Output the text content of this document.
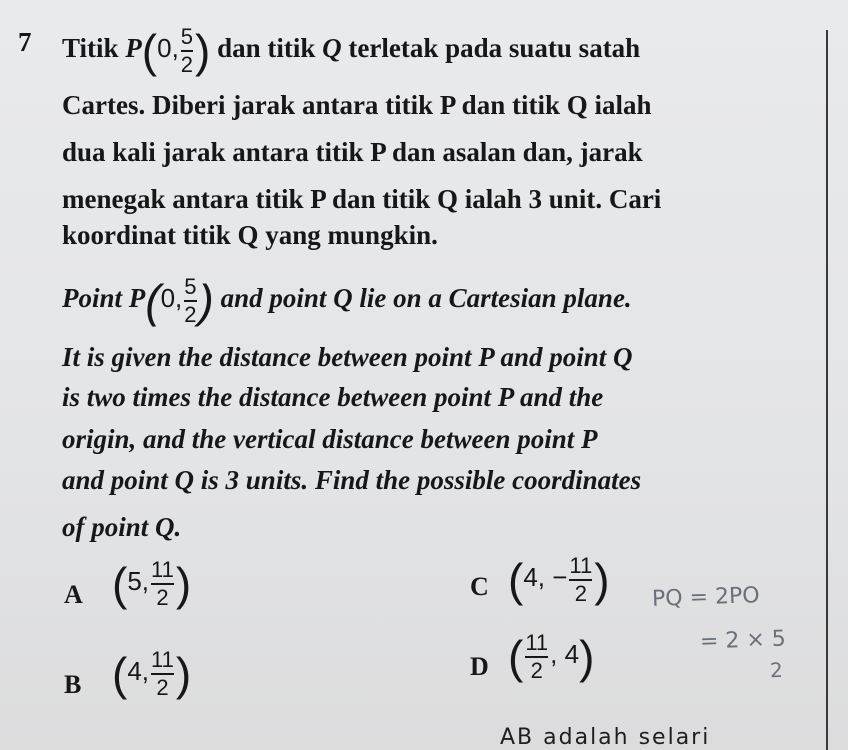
7 Titik P(0, $\frac{5}{2}$ ) dan titik Q terletak pada suatu satah
Cartes. Diberi jarak antara titik P dan titik Q ialah
dua kali jarak antara titik P dan asalan dan, jarak
menegak antara titik P dan titik Q ialah 3 unit. Cari
koordinat titik Q yang mungkin.
Point P(0, $\frac{5}{2}$ ) and point Q lie on a Cartesian plane.
It is given the distance between point P and point Q
is two times the distance between point P and the
origin, and the vertical distance between point P
and point Q is 3 units. Find the possible coordinates
of point Q.
A (5, $\frac{11}{2}$ )
B (4, $\frac{11}{2}$ )
C (4, − $\frac{11}{2}$ )
D ( $\frac{11}{2}$ , 4)
PQ = 2PO
= 2 × 5
2
AB adalah selari
